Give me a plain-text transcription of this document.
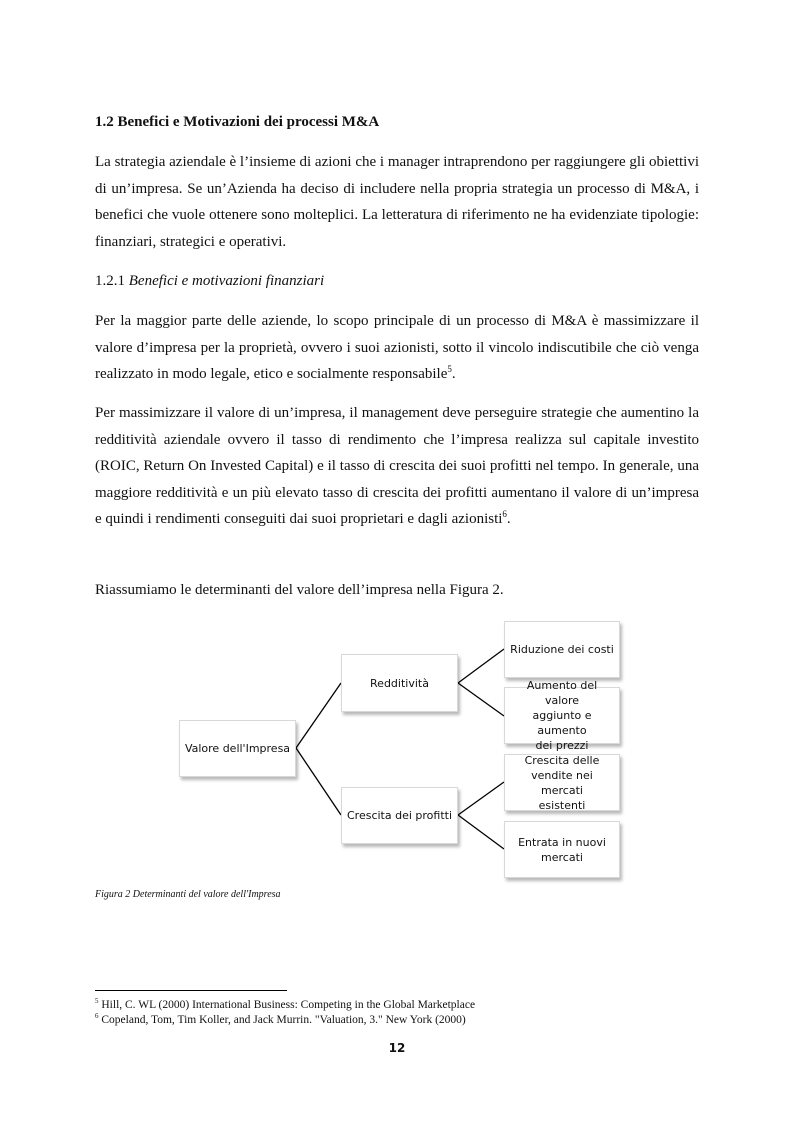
1.2 Benefici e Motivazioni dei processi M&A
La strategia aziendale è l’insieme di azioni che i manager intraprendono per raggiungere gli obiettivi di un’impresa. Se un’Azienda ha deciso di includere nella propria strategia un processo di M&A, i benefici che vuole ottenere sono molteplici. La letteratura di riferimento ne ha evidenziate tipologie: finanziari, strategici e operativi.
1.2.1 Benefici e motivazioni finanziari
Per la maggior parte delle aziende, lo scopo principale di un processo di M&A è massimizzare il valore d’impresa per la proprietà, ovvero i suoi azionisti, sotto il vincolo indiscutibile che ciò venga realizzato in modo legale, etico e socialmente responsabile$^5$.
Per massimizzare il valore di un’impresa, il management deve perseguire strategie che aumentino la redditività aziendale ovvero il tasso di rendimento che l’impresa realizza sul capitale investito (ROIC, Return On Invested Capital) e il tasso di crescita dei suoi profitti nel tempo. In generale, una maggiore redditività e un più elevato tasso di crescita dei profitti aumentano il valore di un’impresa e quindi i rendimenti conseguiti dai suoi proprietari e dagli azionisti$^6$.
Riassumiamo le determinanti del valore dell’impresa nella Figura 2.
Valore dell'Impresa
Redditività
Crescita dei profitti
Riduzione dei costi
Aumento del valore
aggiunto e aumento
dei prezzi
Crescita delle
vendite nei mercati
esistenti
Entrata in nuovi
mercati
Figura 2 Determinanti del valore dell'Impresa
$^5$ Hill, C. WL (2000) International Business: Competing in the Global Marketplace
$^6$ Copeland, Tom, Tim Koller, and Jack Murrin. "Valuation, 3." New York (2000)
12
